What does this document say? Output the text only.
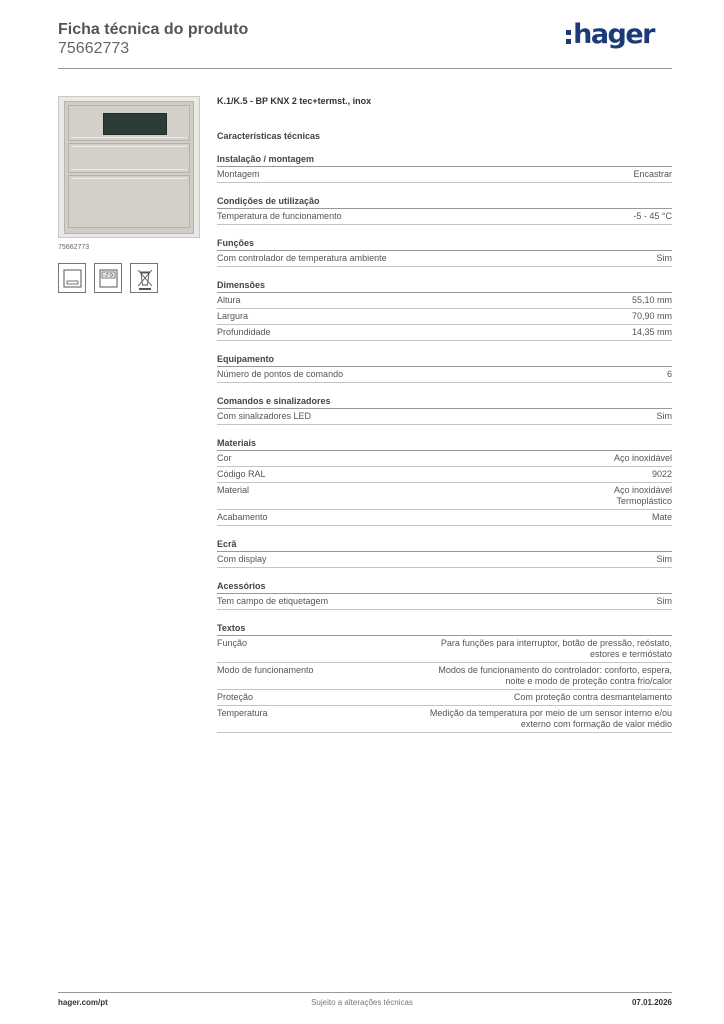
Ficha técnica do produto
75662773	hager
75662773
K.1/K.5 - BP KNX 2 tec+termst., inox
Características técnicas
Instalação / montagem
Montagem	Encastrar
Condições de utilização
Temperatura de funcionamento	-5 - 45 °C
Funções
Com controlador de temperatura ambiente	Sim
Dimensões
Altura	55,10 mm
Largura	70,90 mm
Profundidade	14,35 mm
Equipamento
Número de pontos de comando	6
Comandos e sinalizadores
Com sinalizadores LED	Sim
Materiais
Cor	Aço inoxidável
Código RAL	9022
Material	Aço inoxidável
Termoplástico
Acabamento	Mate
Ecrã
Com display	Sim
Acessórios
Tem campo de etiquetagem	Sim
Textos
Função	Para funções para interruptor, botão de pressão, reóstato,
estores e termóstato
Modo de funcionamento	Modos de funcionamento do controlador: conforto, espera,
noite e modo de proteção contra frio/calor
Proteção	Com proteção contra desmantelamento
Temperatura	Medição da temperatura por meio de um sensor interno e/ou
externo com formação de valor médio
hager.com/pt	Sujeito a alterações técnicas	07.01.2026
